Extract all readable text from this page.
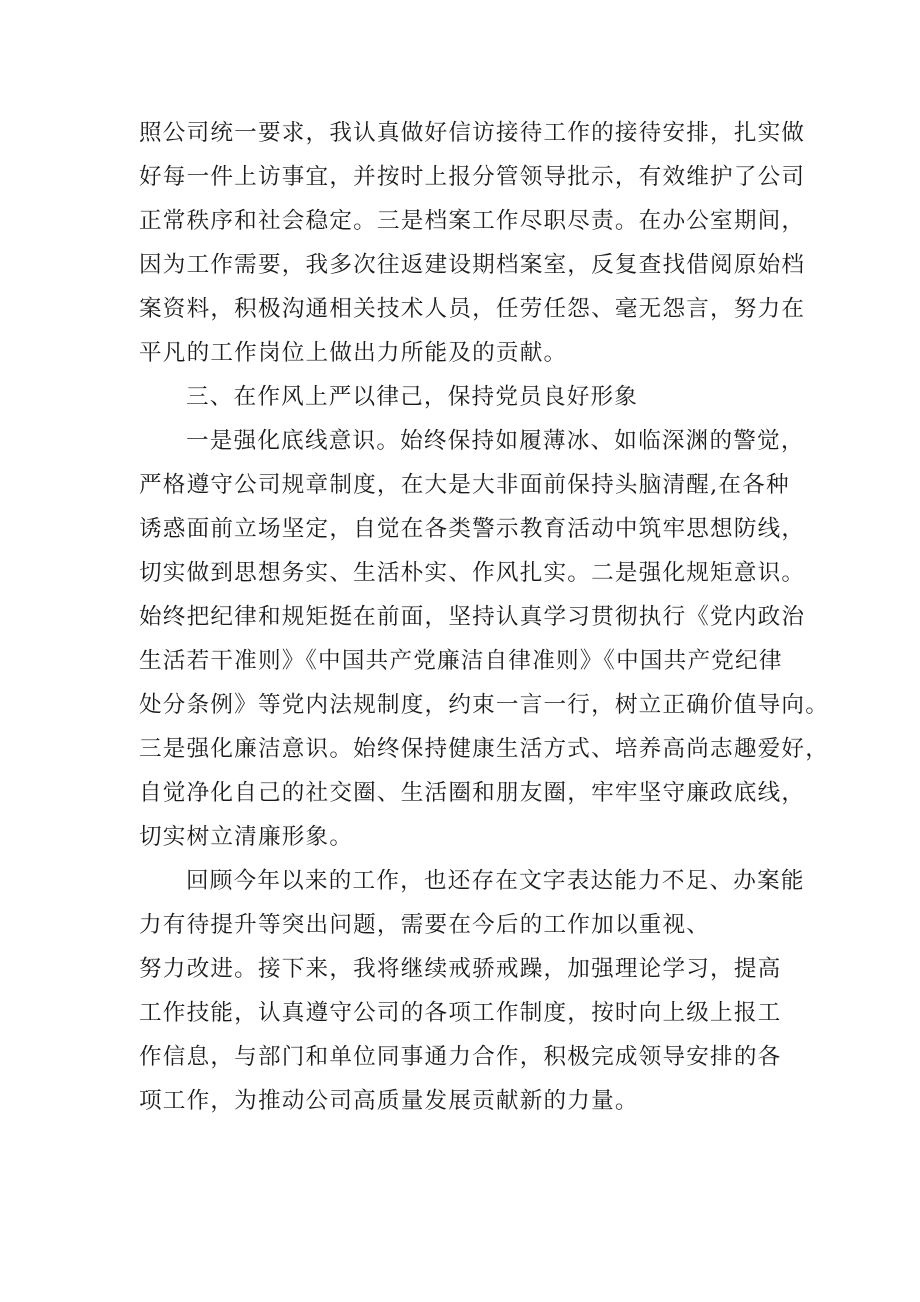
照公司统一要求，我认真做好信访接待工作的接待安排，扎实做
好每一件上访事宜，并按时上报分管领导批示，有效维护了公司
正常秩序和社会稳定。三是档案工作尽职尽责。在办公室期间，
因为工作需要，我多次往返建设期档案室，反复查找借阅原始档
案资料，积极沟通相关技术人员，任劳任怨、毫无怨言，努力在
平凡的工作岗位上做出力所能及的贡献。
三、在作风上严以律己，保持党员良好形象
一是强化底线意识。始终保持如履薄冰、如临深渊的警觉，
严格遵守公司规章制度，在大是大非面前保持头脑清醒,在各种
诱惑面前立场坚定，自觉在各类警示教育活动中筑牢思想防线，
切实做到思想务实、生活朴实、作风扎实。二是强化规矩意识。
始终把纪律和规矩挺在前面，坚持认真学习贯彻执行《党内政治
生活若干准则》《中国共产党廉洁自律准则》《中国共产党纪律
处分条例》等党内法规制度，约束一言一行，树立正确价值导向。
三是强化廉洁意识。始终保持健康生活方式、培养高尚志趣爱好，
自觉净化自己的社交圈、生活圈和朋友圈，牢牢坚守廉政底线，
切实树立清廉形象。
回顾今年以来的工作，也还存在文字表达能力不足、办案能
力有待提升等突出问题，需要在今后的工作加以重视、
努力改进。接下来，我将继续戒骄戒躁，加强理论学习，提高
工作技能，认真遵守公司的各项工作制度，按时向上级上报工
作信息，与部门和单位同事通力合作，积极完成领导安排的各
项工作，为推动公司高质量发展贡献新的力量。
